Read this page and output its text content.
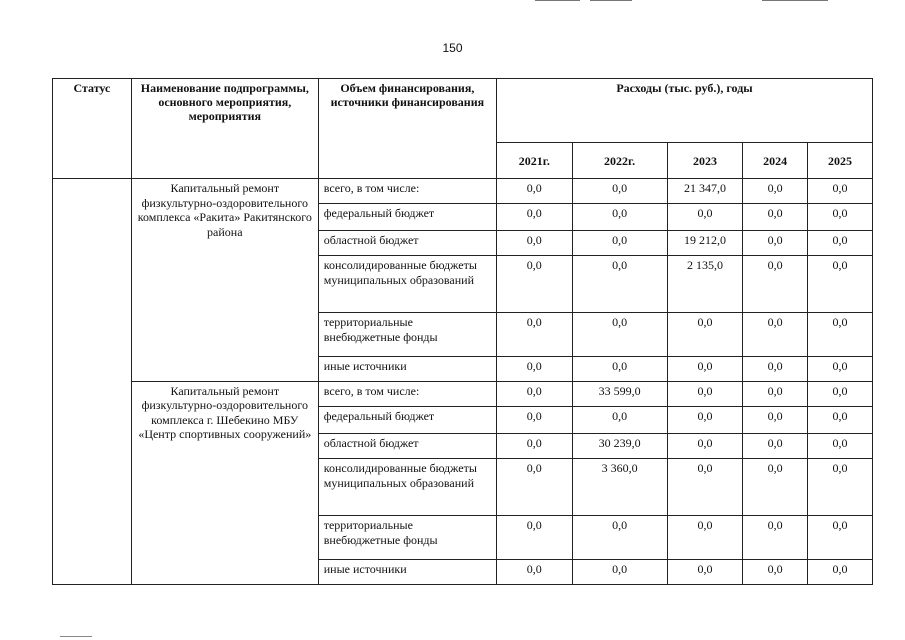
150
Статус	Наименование подпрограммы, основного мероприятия, мероприятия	Объем финансирования, источники финансирования	Расходы (тыс. руб.), годы				
			2021г.	2022г.	2023	2024	2025
	Капитальный ремонт физкультурно-оздоровительного комплекса «Ракита» Ракитянского района	всего, в том числе:	0,0	0,0	21 347,0	0,0	0,0
		федеральный бюджет	0,0	0,0	0,0	0,0	0,0
		областной бюджет	0,0	0,0	19 212,0	0,0	0,0
		консолидированные бюджеты муниципальных образований	0,0	0,0	2 135,0	0,0	0,0
		территориальные внебюджетные фонды	0,0	0,0	0,0	0,0	0,0
		иные источники	0,0	0,0	0,0	0,0	0,0
	Капитальный ремонт физкультурно-оздоровительного комплекса г. Шебекино МБУ «Центр спортивных сооружений»	всего, в том числе:	0,0	33 599,0	0,0	0,0	0,0
		федеральный бюджет	0,0	0,0	0,0	0,0	0,0
		областной бюджет	0,0	30 239,0	0,0	0,0	0,0
		консолидированные бюджеты муниципальных образований	0,0	3 360,0	0,0	0,0	0,0
		территориальные внебюджетные фонды	0,0	0,0	0,0	0,0	0,0
		иные источники	0,0	0,0	0,0	0,0	0,0
